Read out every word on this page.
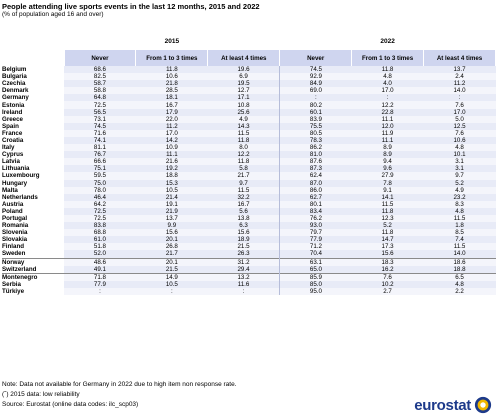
People attending live sports events in the last 12 months, 2015 and 2022
(% of population aged 16 and over)
	2015			2022		
	Never	From 1 to 3 times	At least 4 times	Never	From 1 to 3 times	At least 4 times
Belgium	68.6	11.8	19.6	74.5	11.8	13.7
Bulgaria	82.5	10.6	6.9	92.9	4.8	2.4
Czechia	58.7	21.8	19.5	84.9	4.0	11.2
Denmark	58.8	28.5	12.7	69.0	17.0	14.0
Germany	64.8	18.1	17.1	:	:	:
Estonia	72.5	16.7	10.8	80.2	12.2	7.6
Ireland	56.5	17.9	25.6	60.1	22.8	17.0
Greece	73.1	22.0	4.9	83.9	11.1	5.0
Spain	74.5	11.2	14.3	75.5	12.0	12.5
France	71.6	17.0	11.5	80.5	11.9	7.6
Croatia	74.1	14.2	11.8	78.3	11.1	10.6
Italy	81.1	10.9	8.0	86.2	8.9	4.8
Cyprus	76.7	11.1	12.2	81.0	8.9	10.1
Latvia	66.6	21.6	11.8	87.6	9.4	3.1
Lithuania	75.1	19.2	5.8	87.3	9.6	3.1
Luxembourg	59.5	18.8	21.7	62.4	27.9	9.7
Hungary	75.0	15.3	9.7	87.0	7.8	5.2
Malta	78.0	10.5	11.5	86.0	9.1	4.9
Netherlands	46.4	21.4	32.2	62.7	14.1	23.2
Austria	64.2	19.1	16.7	80.1	11.5	8.3
Poland	72.5	21.9	5.6	83.4	11.8	4.8
Portugal	72.5	13.7	13.8	76.2	12.3	11.5
Romania	83.8	9.9	6.3	93.0	5.2	1.8
Slovenia	68.8	15.6	15.6	79.7	11.8	8.5
Slovakia	61.0	20.1	18.9	77.9	14.7	7.4
Finland	51.8	26.8	21.5	71.2	17.3	11.5
Sweden	52.0	21.7	26.3	70.4	15.6	14.0
Norway	48.6	20.1	31.2	63.1	18.3	18.6
Switzerland	49.1	21.5	29.4	65.0	16.2	18.8
Montenegro	71.8	14.9	13.2	85.9	7.6	6.5
Serbia	77.9	10.5	11.6	85.0	10.2	4.8
Türkiye	:	:	:	95.0	2.7	2.2
Note: Data not available for Germany in 2022 due to high item non response rate.
(ˆ) 2015 data: low reliability
Source: Eurostat (online data codes: ilc_scp03)	eurostat
